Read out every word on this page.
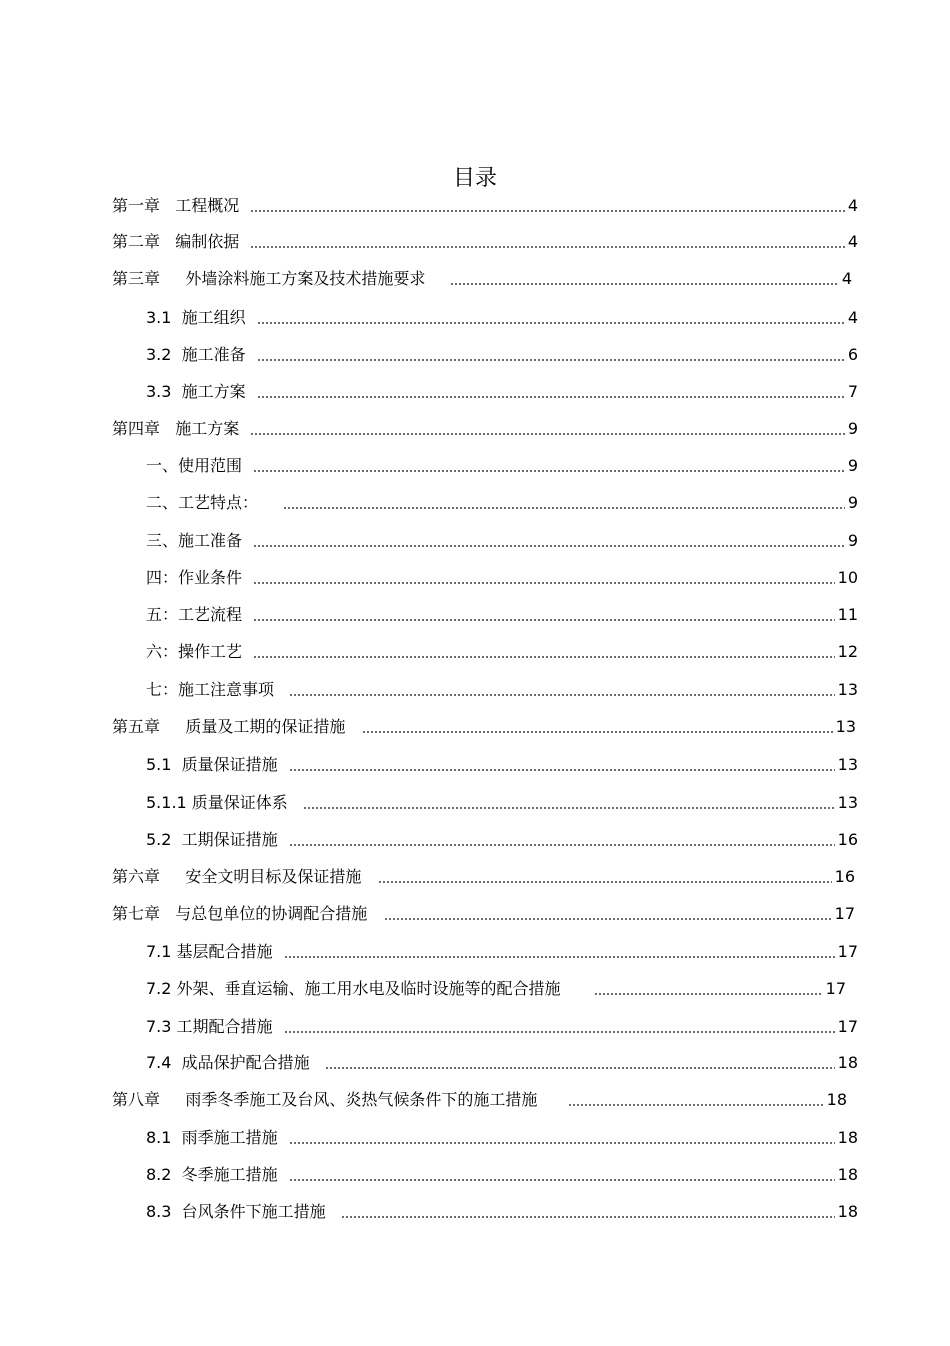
目录
第一章   工程概况	4
第二章   编制依据	4
第三章     外墙涂料施工方案及技术措施要求	4
3.1  施工组织	4
3.2  施工准备	6
3.3  施工方案	7
第四章   施工方案	9
一、使用范围	9
二、工艺特点：	9
三、施工准备	9
四：作业条件	10
五：工艺流程	11
六：操作工艺	12
七：施工注意事项	13
第五章     质量及工期的保证措施	13
5.1  质量保证措施	13
5.1.1 质量保证体系	13
5.2  工期保证措施	16
第六章     安全文明目标及保证措施	16
第七章   与总包单位的协调配合措施	17
7.1 基层配合措施	17
7.2 外架、垂直运输、施工用水电及临时设施等的配合措施	17
7.3 工期配合措施	17
7.4  成品保护配合措施	18
第八章     雨季冬季施工及台风、炎热气候条件下的施工措施	18
8.1  雨季施工措施	18
8.2  冬季施工措施	18
8.3  台风条件下施工措施	18
